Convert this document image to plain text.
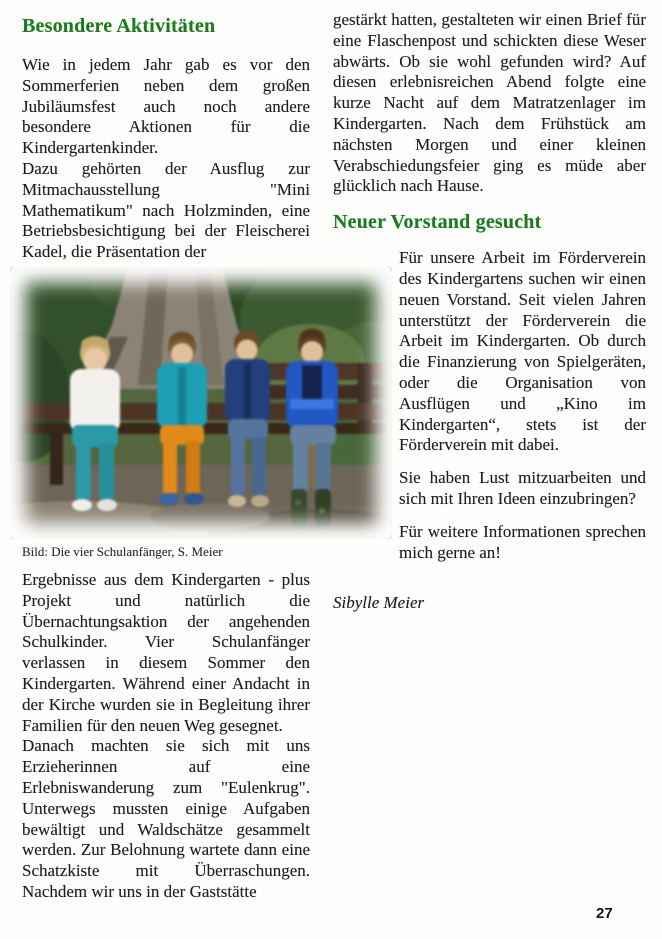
Besondere Aktivitäten

Wie in jedem Jahr gab es vor den Sommerferien neben dem großen Jubiläumsfest auch noch andere besondere Aktionen für die Kindergartenkinder.

Dazu gehörten der Ausflug zur Mitmachausstellung "Mini Mathematikum" nach Holzminden, eine Betriebsbesichtigung bei der Fleischerei Kadel, die Präsentation der

Bild: Die vier Schulanfänger, S. Meier

Ergebnisse aus dem Kindergarten - plus Projekt und natürlich die Übernachtungsaktion der angehenden Schulkinder. Vier Schulanfänger verlassen in diesem Sommer den Kindergarten. Während einer Andacht in der Kirche wurden sie in Begleitung ihrer Familien für den neuen Weg gesegnet.

Danach machten sie sich mit uns Erzieherinnen auf eine Erlebniswanderung zum "Eulenkrug". Unterwegs mussten einige Aufgaben bewältigt und Waldschätze gesammelt werden. Zur Belohnung wartete dann eine Schatzkiste mit Überraschungen. Nachdem wir uns in der Gaststätte

gestärkt hatten, gestalteten wir einen Brief für eine Flaschenpost und schickten diese Weser abwärts. Ob sie wohl gefunden wird? Auf diesen erlebnisreichen Abend folgte eine kurze Nacht auf dem Matratzenlager im Kindergarten. Nach dem Frühstück am nächsten Morgen und einer kleinen Verabschiedungsfeier ging es müde aber glücklich nach Hause.

Neuer Vorstand gesucht

Für unsere Arbeit im Förderverein des Kindergartens suchen wir einen neuen Vorstand. Seit vielen Jahren unterstützt der Förderverein die Arbeit im Kindergarten. Ob durch die Finanzierung von Spielgeräten, oder die Organisation von Ausflügen und „Kino im Kindergarten“, stets ist der Förderverein mit dabei.

Sie haben Lust mitzuarbeiten und sich mit Ihren Ideen einzubringen?

Für weitere Informationen sprechen mich gerne an!

Sibylle Meier

27
